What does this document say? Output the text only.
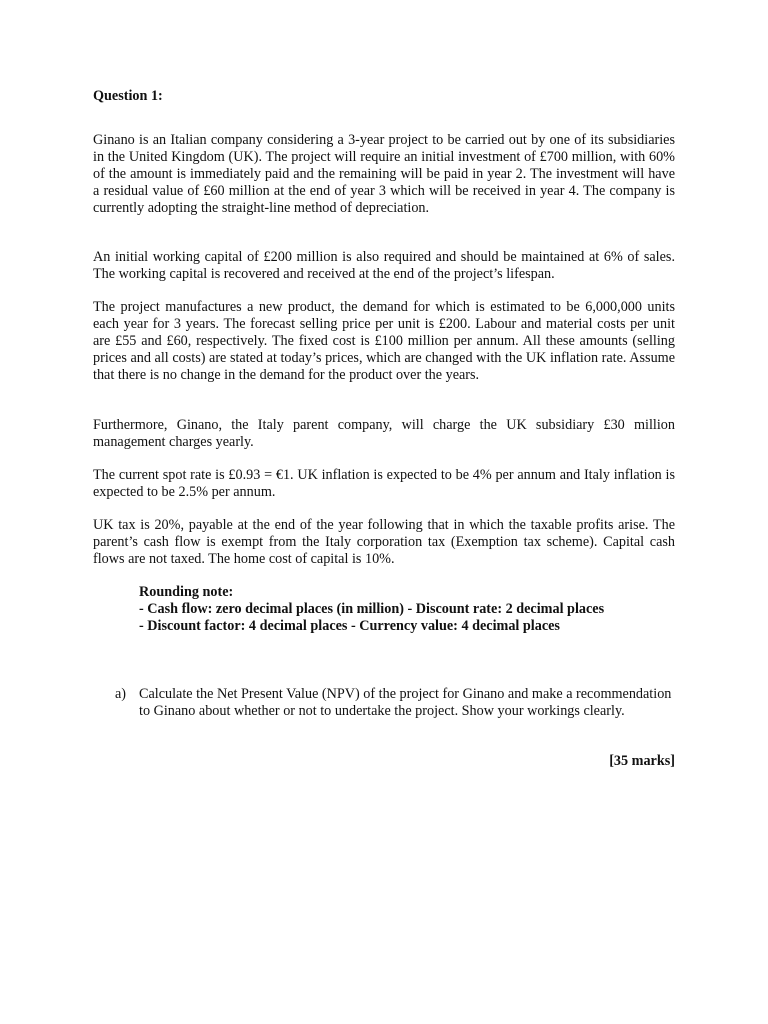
Question 1:

Ginano is an Italian company considering a 3-year project to be carried out by one of its subsidiaries in the United Kingdom (UK). The project will require an initial investment of £700 million, with 60% of the amount is immediately paid and the remaining will be paid in year 2. The investment will have a residual value of £60 million at the end of year 3 which will be received in year 4. The company is currently adopting the straight-line method of depreciation.

An initial working capital of £200 million is also required and should be maintained at 6% of sales. The working capital is recovered and received at the end of the project’s lifespan.

The project manufactures a new product, the demand for which is estimated to be 6,000,000 units each year for 3 years. The forecast selling price per unit is £200. Labour and material costs per unit are £55 and £60, respectively. The fixed cost is £100 million per annum. All these amounts (selling prices and all costs) are stated at today’s prices, which are changed with the UK inflation rate. Assume that there is no change in the demand for the product over the years.

Furthermore, Ginano, the Italy parent company, will charge the UK subsidiary £30 million management charges yearly.

The current spot rate is £0.93 = €1. UK inflation is expected to be 4% per annum and Italy inflation is expected to be 2.5% per annum.

UK tax is 20%, payable at the end of the year following that in which the taxable profits arise. The parent’s cash flow is exempt from the Italy corporation tax (Exemption tax scheme). Capital cash flows are not taxed. The home cost of capital is 10%.

Rounding note:
- Cash flow: zero decimal places (in million) - Discount rate: 2 decimal places
- Discount factor: 4 decimal places - Currency value: 4 decimal places
a) Calculate the Net Present Value (NPV) of the project for Ginano and make a recommendation to Ginano about whether or not to undertake the project. Show your workings clearly.
[35 marks]
